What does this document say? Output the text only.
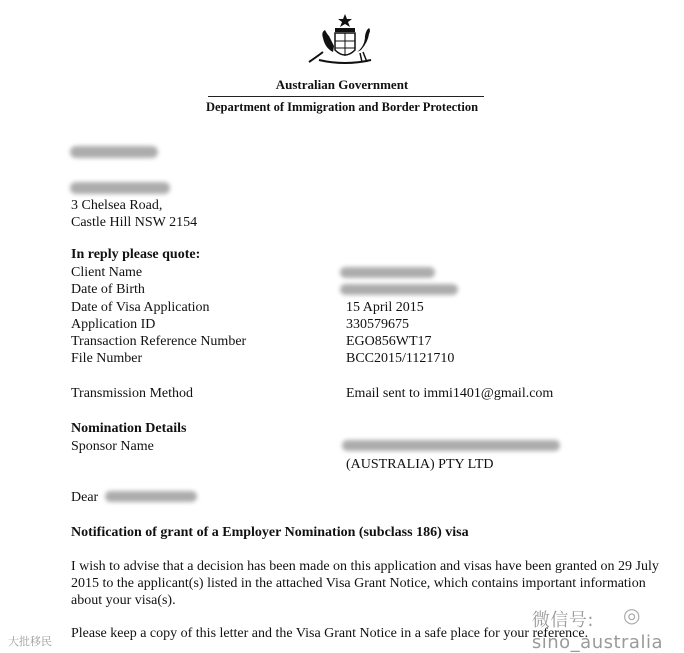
Australian Government
Department of Immigration and Border Protection
3 Chelsea Road,
Castle Hill NSW 2154
In reply please quote:
Client Name
Date of Birth
Date of Visa Application	15 April 2015
Application ID	330579675
Transaction Reference Number	EGO856WT17
File Number	BCC2015/1121710
Transmission Method	Email sent to immi1401@gmail.com
Nomination Details
Sponsor Name
(AUSTRALIA) PTY LTD
Dear
Notification of grant of a Employer Nomination (subclass 186) visa
I wish to advise that a decision has been made on this application and visas have been granted on 29 July 2015 to the applicant(s) listed in the attached Visa Grant Notice, which contains important information about your visa(s).
Please keep a copy of this letter and the Visa Grant Notice in a safe place for your reference.
◎
微信号: sino_australia
大批移民
